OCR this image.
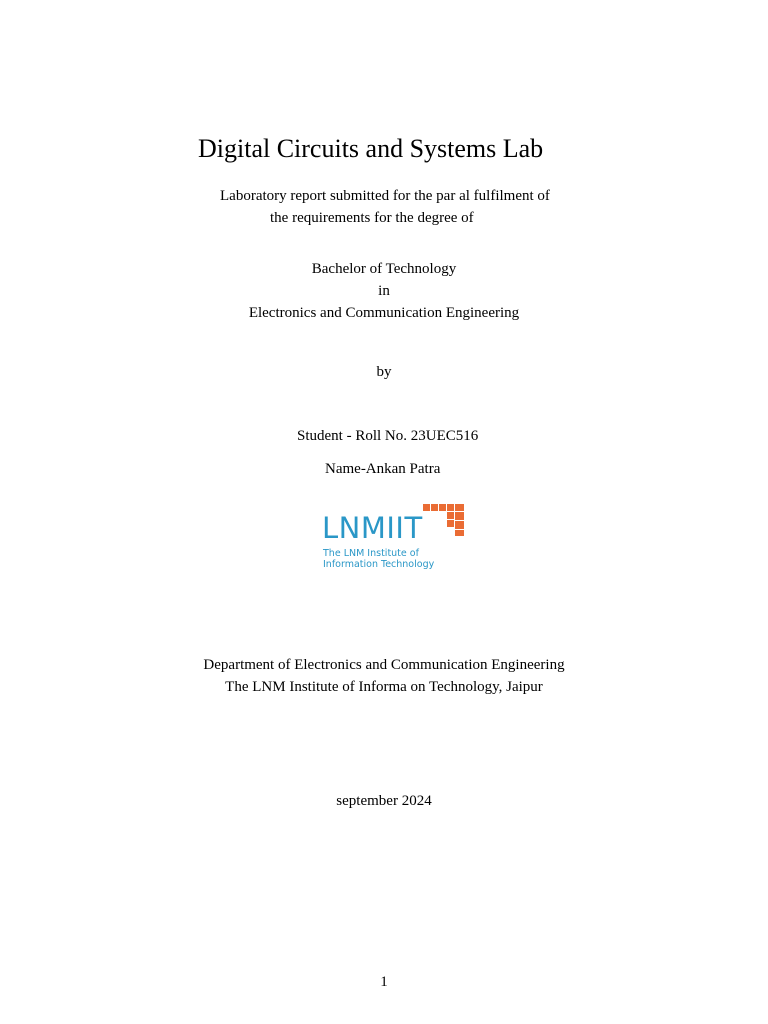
Digital Circuits and Systems Lab
Laboratory report submitted for the par al fulfilment of
the requirements for the degree of
Bachelor of Technology
in
Electronics and Communication Engineering
by
Student - Roll No. 23UEC516
Name-Ankan Patra
LNMIIT
The LNM Institute of
Information Technology
Department of Electronics and Communication Engineering
The LNM Institute of Informa on Technology, Jaipur
september 2024
1
